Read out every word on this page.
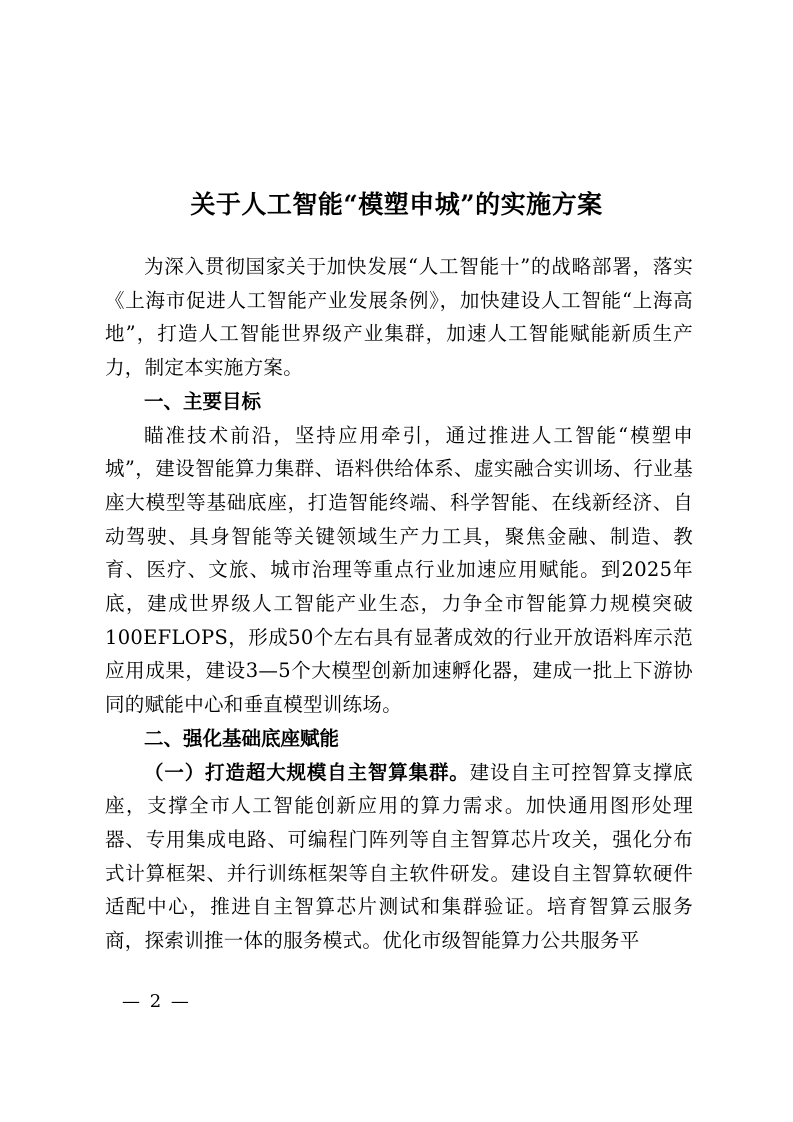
关于人工智能“模塑申城”的实施方案

为深入贯彻国家关于加快发展“人工智能十”的战略部署，落实《上海市促进人工智能产业发展条例》，加快建设人工智能“上海高地”，打造人工智能世界级产业集群，加速人工智能赋能新质生产力，制定本实施方案。

一、主要目标

瞄准技术前沿，坚持应用牵引，通过推进人工智能“模塑申城”，建设智能算力集群、语料供给体系、虚实融合实训场、行业基座大模型等基础底座，打造智能终端、科学智能、在线新经济、自动驾驶、具身智能等关键领域生产力工具，聚焦金融、制造、教育、医疗、文旅、城市治理等重点行业加速应用赋能。到2025年底，建成世界级人工智能产业生态，力争全市智能算力规模突破100EFLOPS，形成50个左右具有显著成效的行业开放语料库示范应用成果，建设3—5个大模型创新加速孵化器，建成一批上下游协同的赋能中心和垂直模型训练场。

二、强化基础底座赋能

（一）打造超大规模自主智算集群。建设自主可控智算支撑底座，支撑全市人工智能创新应用的算力需求。加快通用图形处理器、专用集成电路、可编程门阵列等自主智算芯片攻关，强化分布式计算框架、并行训练框架等自主软件研发。建设自主智算软硬件适配中心，推进自主智算芯片测试和集群验证。培育智算云服务商，探索训推一体的服务模式。优化市级智能算力公共服务平

— 2 —
